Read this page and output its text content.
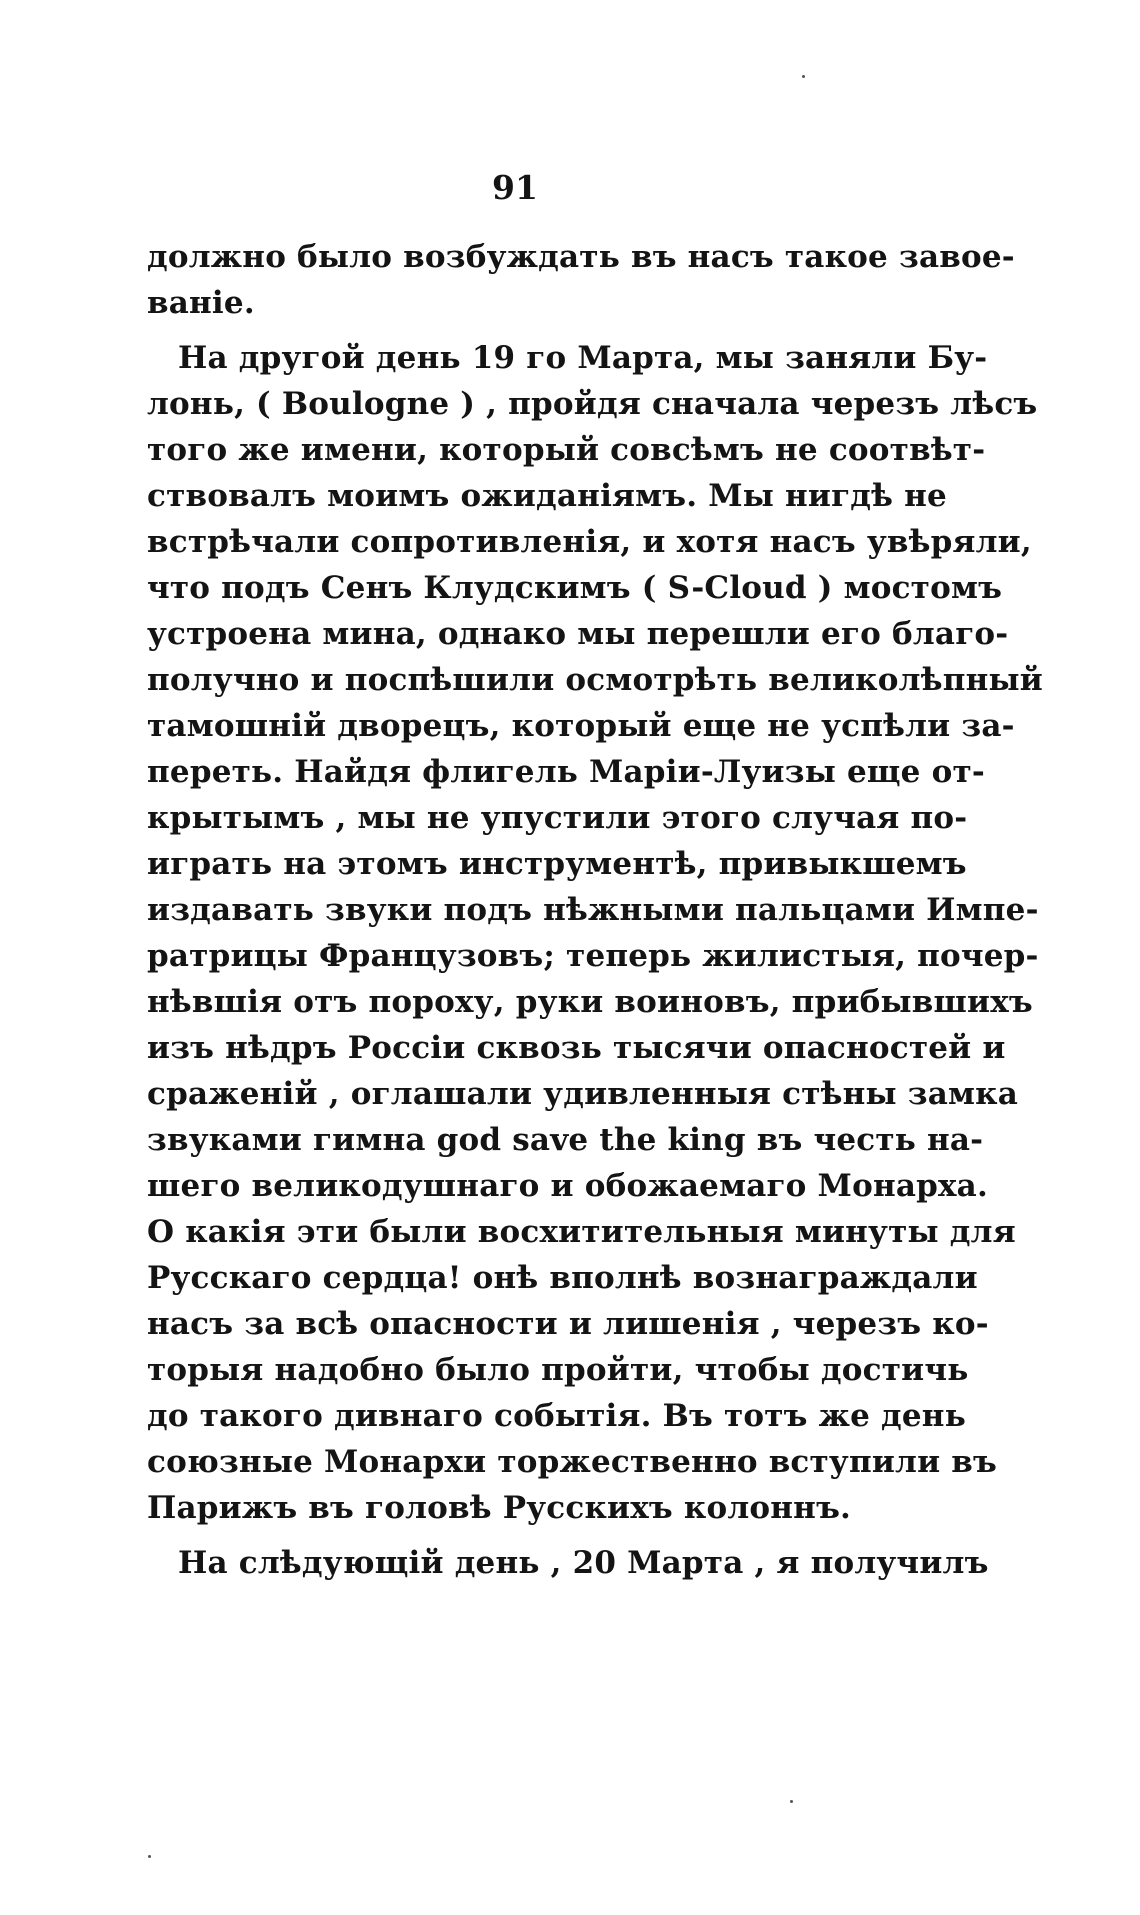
91
должно было возбуждать въ насъ такое завое-
ваніе.
На другой день 19 го Марта, мы заняли Бу-
лонь, ( Boulogne ) , пройдя сначала черезъ лѣсъ
того же имени, который совсѣмъ не соотвѣт-
ствовалъ моимъ ожиданіямъ. Мы нигдѣ не
встрѣчали сопротивленія, и хотя насъ увѣряли,
что подъ Сенъ Клудскимъ ( S-Cloud ) мостомъ
устроена мина, однако мы перешли его благо-
получно и поспѣшили осмотрѣть великолѣпный
тамошній дворецъ, который еще не успѣли за-
переть. Найдя флигель Маріи-Луизы еще от-
крытымъ , мы не упустили этого случая по-
играть на этомъ инструментѣ, привыкшемъ
издавать звуки подъ нѣжными пальцами Импе-
ратрицы Французовъ; теперь жилистыя, почер-
нѣвшія отъ пороху, руки воиновъ, прибывшихъ
изъ нѣдръ Россіи сквозь тысячи опасностей и
сраженій , оглашали удивленныя стѣны замка
звуками гимна god save the king въ честь на-
шего великодушнаго и обожаемаго Монарха.
О какія эти были восхитительныя минуты для
Русскаго сердца! онѣ вполнѣ вознаграждали
насъ за всѣ опасности и лишенія , черезъ ко-
торыя надобно было пройти, чтобы достичь
до такого дивнаго событія. Въ тотъ же день
союзные Монархи торжественно вступили въ
Парижъ въ головѣ Русскихъ колоннъ.
На слѣдующій день , 20 Марта , я получилъ
